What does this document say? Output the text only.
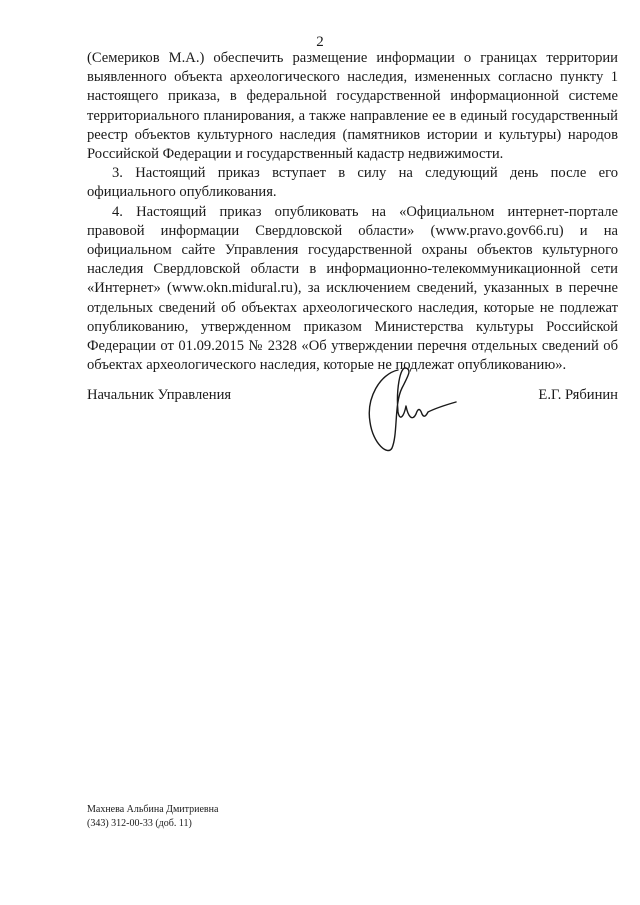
2

(Семериков М.А.) обеспечить размещение информации о границах территории выявленного объекта археологического наследия, измененных согласно пункту 1 настоящего приказа, в федеральной государственной информационной системе территориального планирования, а также направление ее в единый государственный реестр объектов культурного наследия (памятников истории и культуры) народов Российской Федерации и государственный кадастр недвижимости.

3. Настоящий приказ вступает в силу на следующий день после его официального опубликования.

4. Настоящий приказ опубликовать на «Официальном интернет-портале правовой информации Свердловской области» (www.pravo.gov66.ru) и на официальном сайте Управления государственной охраны объектов культурного наследия Свердловской области в информационно-телекоммуникационной сети «Интернет» (www.okn.midural.ru), за исключением сведений, указанных в перечне отдельных сведений об объектах археологического наследия, которые не подлежат опубликованию, утвержденном приказом Министерства культуры Российской Федерации от 01.09.2015 № 2328 «Об утверждении перечня отдельных сведений об объектах археологического наследия, которые не подлежат опубликованию».

Начальник Управления	Е.Г. Рябинин
Махнева Альбина Дмитриевна
(343) 312-00-33 (доб. 11)
